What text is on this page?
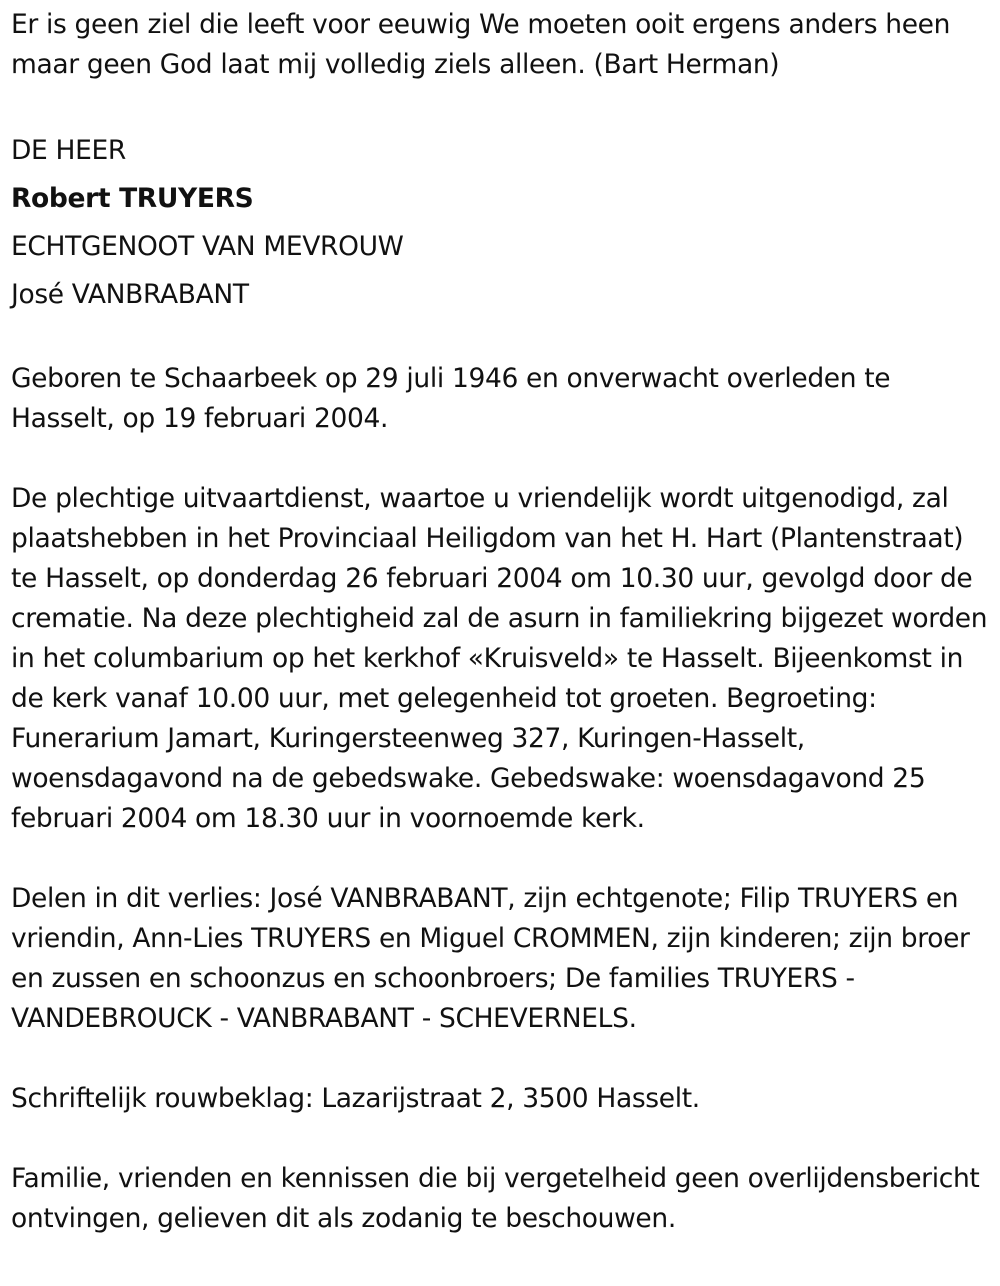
Er is geen ziel die leeft voor eeuwig We moeten ooit ergens anders heen maar geen God laat mij volledig ziels alleen. (Bart Herman)

DE HEER
Robert TRUYERS
ECHTGENOOT VAN MEVROUW
José VANBRABANT

Geboren te Schaarbeek op 29 juli 1946 en onverwacht overleden te Hasselt, op 19 februari 2004.

De plechtige uitvaartdienst, waartoe u vriendelijk wordt uitgenodigd, zal plaatshebben in het Provinciaal Heiligdom van het H. Hart (Plantenstraat) te Hasselt, op donderdag 26 februari 2004 om 10.30 uur, gevolgd door de crematie. Na deze plechtigheid zal de asurn in familiekring bijgezet worden in het columbarium op het kerkhof «Kruisveld» te Hasselt. Bijeenkomst in de kerk vanaf 10.00 uur, met gelegenheid tot groeten. Begroeting: Funerarium Jamart, Kuringersteenweg 327, Kuringen-Hasselt, woensdagavond na de gebedswake. Gebedswake: woensdagavond 25 februari 2004 om 18.30 uur in voornoemde kerk.

Delen in dit verlies: José VANBRABANT, zijn echtgenote; Filip TRUYERS en vriendin, Ann-Lies TRUYERS en Miguel CROMMEN, zijn kinderen; zijn broer en zussen en schoonzus en schoonbroers; De families TRUYERS - VANDEBROUCK - VANBRABANT - SCHEVERNELS.

Schriftelijk rouwbeklag: Lazarijstraat 2, 3500 Hasselt.

Familie, vrienden en kennissen die bij vergetelheid geen overlijdensbericht ontvingen, gelieven dit als zodanig te beschouwen.
